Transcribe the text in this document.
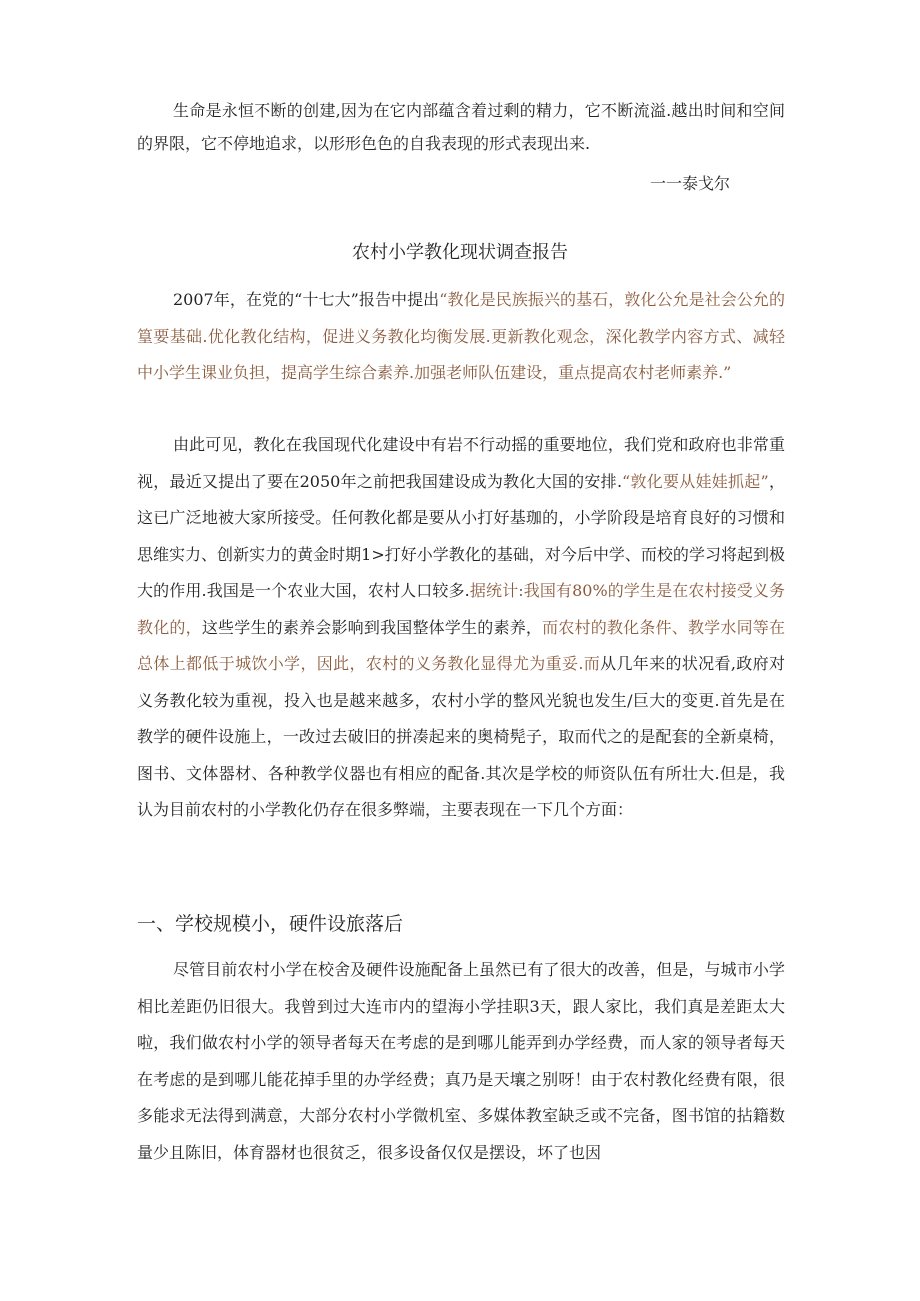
生命是永恒不断的创建,因为在它内部蕴含着过剩的精力，它不断流溢.越出时间和空间的界限，它不停地追求，以形形色色的自我表现的形式表现出来.

一一泰戈尔
农村小学教化现状调查报告

2007年，在党的“十七大”报告中提出“教化是民族振兴的基石，敦化公允是社会公允的篁要基础.优化教化结构，促进义务教化均衡发展.更新教化观念，深化教学内容方式、减轻中小学生课业负担，提高学生综合素养.加强老师队伍建设，重点提高农村老师素养.”

由此可见，教化在我国现代化建设中有岩不行动摇的重要地位，我们党和政府也非常重视，最近又提出了要在2050年之前把我国建设成为教化大国的安排.“敦化要从娃娃抓起”，这已广泛地被大家所接受。任何教化都是要从小打好基珈的，小学阶段是培育良好的习惯和思维实力、创新实力的黄金时期1>打好小学教化的基础，对今后中学、而校的学习将起到极大的作用.我国是一个农业大国，农村人口较多.据统计:我国有80%的学生是在农村接受义务教化的，这些学生的素养会影响到我国整体学生的素养，而农村的教化条件、教学水同等在总体上都低于城饮小学，因此，农村的义务教化显得尤为重妥.而从几年来的状况看,政府对义务教化较为重视，投入也是越来越多，农村小学的整风光貌也发生/巨大的变更.首先是在教学的硬件设施上，一改过去破旧的拼凑起来的奥椅髡子，取而代之的是配套的全新桌椅，图书、文体器材、各种教学仪器也有相应的配备.其次是学校的师资队伍有所壮大.但是，我认为目前农村的小学教化仍存在很多弊端，主要表现在一下几个方面：

一、学校规模小，硬件设旅落后

尽管目前农村小学在校舍及硬件设施配备上虽然已有了很大的改善，但是，与城市小学相比差距仍旧很大。我曾到过大连市内的望海小学挂职3天，跟人家比，我们真是差距太大啦，我们做农村小学的领导者每天在考虑的是到哪儿能弄到办学经费，而人家的领导者每天在考虑的是到哪儿能花掉手里的办学经费；真乃是天壤之别呀！由于农村教化经费有限，很多能求无法得到满意，大部分农村小学微机室、多媒体教室缺乏或不完备，图书馆的拈籍数量少且陈旧，体育器材也很贫乏，很多设备仅仅是摆设，坏了也因
